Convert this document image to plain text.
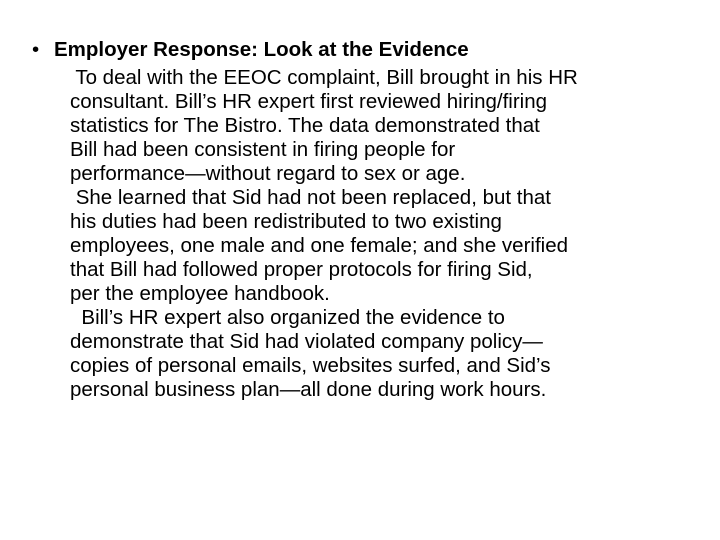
• Employer Response: Look at the Evidence
To deal with the EEOC complaint, Bill brought in his HR
consultant. Bill’s HR expert first reviewed hiring/firing
statistics for The Bistro. The data demonstrated that
Bill had been consistent in firing people for
performance—without regard to sex or age.
She learned that Sid had not been replaced, but that
his duties had been redistributed to two existing
employees, one male and one female; and she verified
that Bill had followed proper protocols for firing Sid,
per the employee handbook.
Bill’s HR expert also organized the evidence to
demonstrate that Sid had violated company policy—
copies of personal emails, websites surfed, and Sid’s
personal business plan—all done during work hours.
